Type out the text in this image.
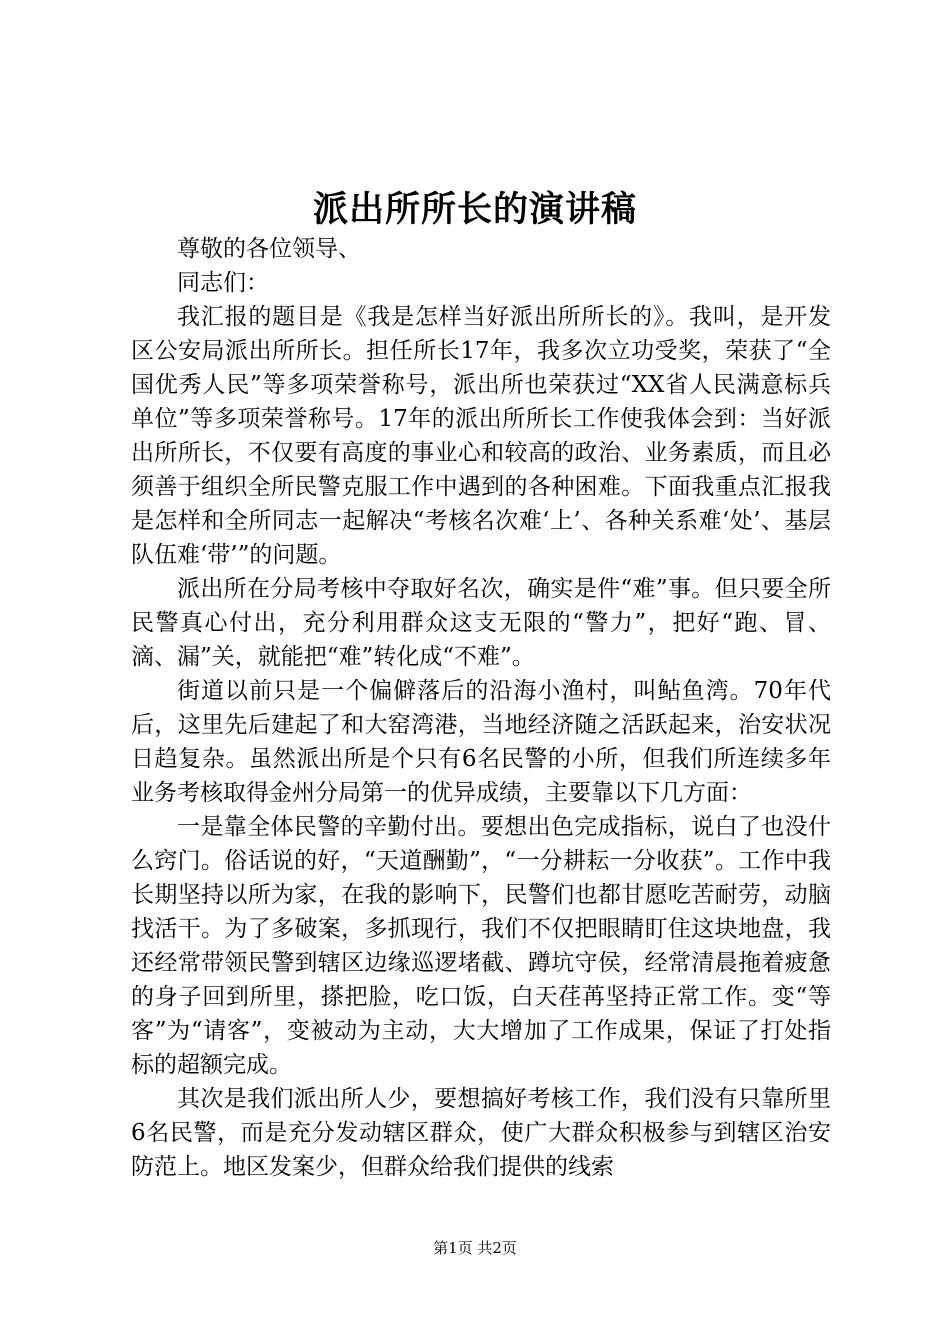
派出所所长的演讲稿

尊敬的各位领导、

同志们：

我汇报的题目是《我是怎样当好派出所所长的》。我叫，是开发区公安局派出所所长。担任所长17年，我多次立功受奖，荣获了“全国优秀人民”等多项荣誉称号，派出所也荣获过“XX省人民满意标兵单位”等多项荣誉称号。17年的派出所所长工作使我体会到：当好派出所所长，不仅要有高度的事业心和较高的政治、业务素质，而且必须善于组织全所民警克服工作中遇到的各种困难。下面我重点汇报我是怎样和全所同志一起解决“考核名次难‘上’、各种关系难‘处’、基层队伍难‘带’”的问题。

派出所在分局考核中夺取好名次，确实是件“难”事。但只要全所民警真心付出，充分利用群众这支无限的“警力”，把好“跑、冒、滴、漏”关，就能把“难”转化成“不难”。

街道以前只是一个偏僻落后的沿海小渔村，叫鲇鱼湾。70年代后，这里先后建起了和大窑湾港，当地经济随之活跃起来，治安状况日趋复杂。虽然派出所是个只有6名民警的小所，但我们所连续多年业务考核取得金州分局第一的优异成绩，主要靠以下几方面：

一是靠全体民警的辛勤付出。要想出色完成指标，说白了也没什么窍门。俗话说的好，“天道酬勤”，“一分耕耘一分收获”。工作中我长期坚持以所为家，在我的影响下，民警们也都甘愿吃苦耐劳，动脑找活干。为了多破案，多抓现行，我们不仅把眼睛盯住这块地盘，我还经常带领民警到辖区边缘巡逻堵截、蹲坑守侯，经常清晨拖着疲惫的身子回到所里，搽把脸，吃口饭，白天荏苒坚持正常工作。变“等客”为“请客”，变被动为主动，大大增加了工作成果，保证了打处指标的超额完成。

其次是我们派出所人少，要想搞好考核工作，我们没有只靠所里6名民警，而是充分发动辖区群众，使广大群众积极参与到辖区治安防范上。地区发案少，但群众给我们提供的线索

第1页 共2页
